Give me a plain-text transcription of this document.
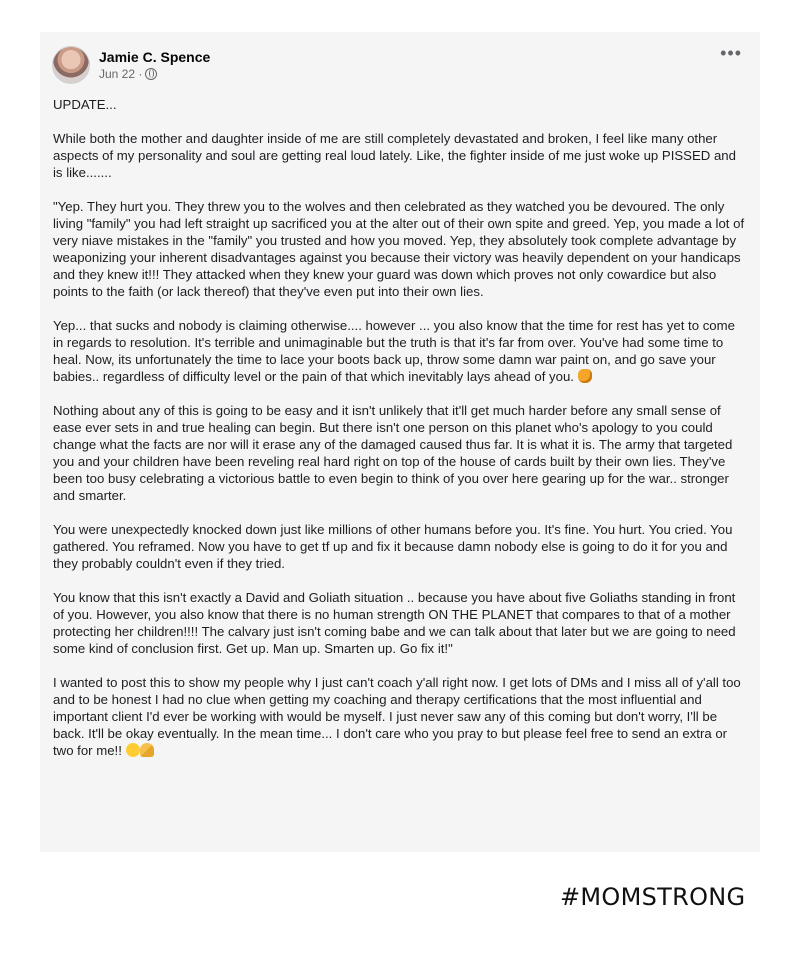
Jamie C. Spence
Jun 22 ·
•••

UPDATE...

While both the mother and daughter inside of me are still completely devastated and broken, I feel like many other aspects of my personality and soul are getting real loud lately. Like, the fighter inside of me just woke up PISSED and is like.......

"Yep. They hurt you. They threw you to the wolves and then celebrated as they watched you be devoured. The only living "family" you had left straight up sacrificed you at the alter out of their own spite and greed. Yep, you made a lot of very niave mistakes in the "family" you trusted and how you moved. Yep, they absolutely took complete advantage by weaponizing your inherent disadvantages against you because their victory was heavily dependent on your handicaps and they knew it!!! They attacked when they knew your guard was down which proves not only cowardice but also points to the faith (or lack thereof) that they've even put into their own lies.

Yep... that sucks and nobody is claiming otherwise.... however ... you also know that the time for rest has yet to come in regards to resolution. It's terrible and unimaginable but the truth is that it's far from over. You've had some time to heal. Now, its unfortunately the time to lace your boots back up, throw some damn war paint on, and go save your babies.. regardless of difficulty level or the pain of that which inevitably lays ahead of you.

Nothing about any of this is going to be easy and it isn't unlikely that it'll get much harder before any small sense of ease ever sets in and true healing can begin. But there isn't one person on this planet who's apology to you could change what the facts are nor will it erase any of the damaged caused thus far. It is what it is. The army that targeted you and your children have been reveling real hard right on top of the house of cards built by their own lies. They've been too busy celebrating a victorious battle to even begin to think of you over here gearing up for the war.. stronger and smarter.

You were unexpectedly knocked down just like millions of other humans before you. It's fine. You hurt. You cried. You gathered. You reframed. Now you have to get tf up and fix it because damn nobody else is going to do it for you and they probably couldn't even if they tried.

You know that this isn't exactly a David and Goliath situation .. because you have about five Goliaths standing in front of you. However, you also know that there is no human strength ON THE PLANET that compares to that of a mother protecting her children!!!! The calvary just isn't coming babe and we can talk about that later but we are going to need some kind of conclusion first. Get up. Man up. Smarten up. Go fix it!"

I wanted to post this to show my people why I just can't coach y'all right now. I get lots of DMs and I miss all of y'all too and to be honest I had no clue when getting my coaching and therapy certifications that the most influential and important client I'd ever be working with would be myself. I just never saw any of this coming but don't worry, I'll be back. It'll be okay eventually. In the mean time... I don't care who you pray to but please feel free to send an extra or two for me!!

#MOMSTRONG
